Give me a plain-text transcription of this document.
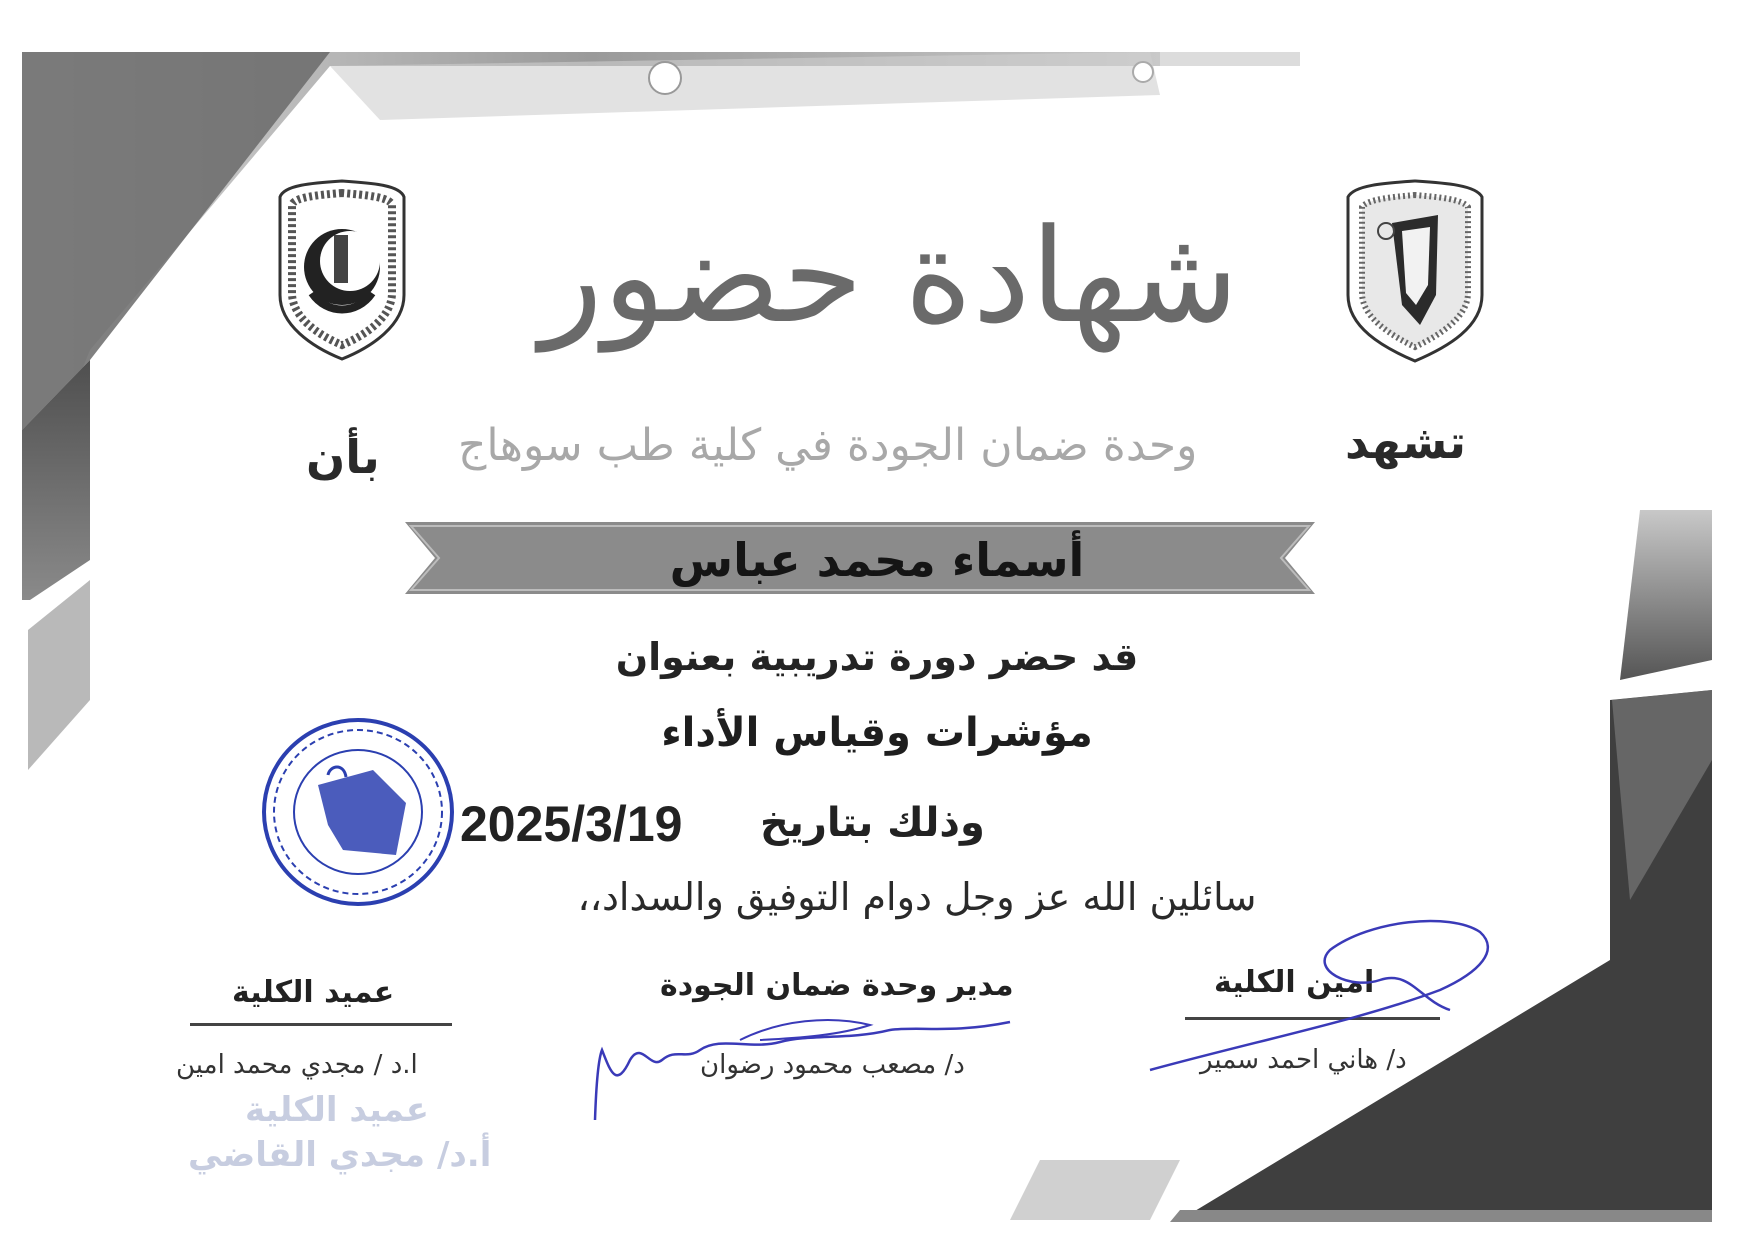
شهادة حضور
تشهد
وحدة ضمان الجودة في كلية طب سوهاج
بأن
أسماء محمد عباس
قد حضر دورة تدريبية بعنوان
مؤشرات وقياس الأداء
وذلك بتاريخ
2025/3/19
سائلين الله عز وجل دوام التوفيق والسداد،،
عميد الكلية
ا.د / مجدي محمد امين
عميد الكلية
أ.د/ مجدي القاضي
مدير وحدة ضمان الجودة
د/ مصعب محمود رضوان
امين الكلية
د/ هاني احمد سمير
